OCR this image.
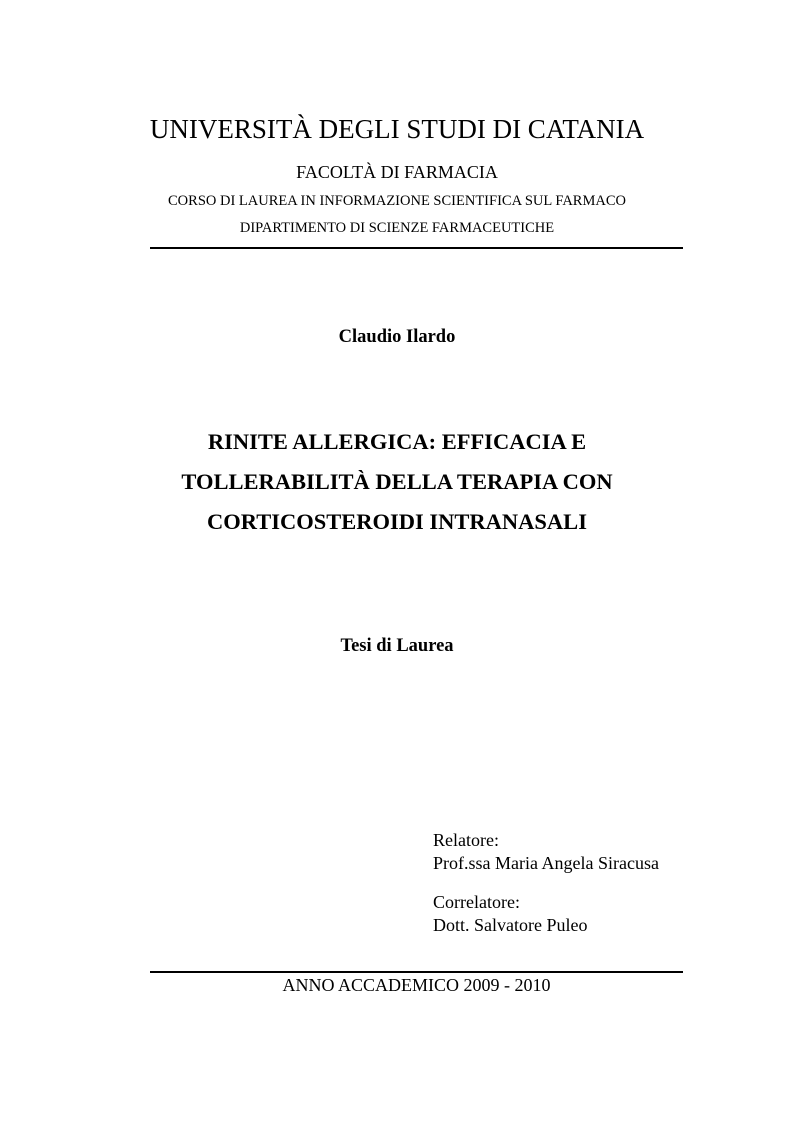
UNIVERSITÀ DEGLI STUDI DI CATANIA
FACOLTÀ DI FARMACIA
CORSO DI LAUREA IN INFORMAZIONE SCIENTIFICA SUL FARMACO
DIPARTIMENTO DI SCIENZE FARMACEUTICHE
Claudio Ilardo
RINITE ALLERGICA: EFFICACIA E
TOLLERABILITÀ DELLA TERAPIA CON
CORTICOSTEROIDI INTRANASALI
Tesi di Laurea
Relatore:
Prof.ssa Maria Angela Siracusa
Correlatore:
Dott. Salvatore Puleo
ANNO ACCADEMICO 2009 - 2010
